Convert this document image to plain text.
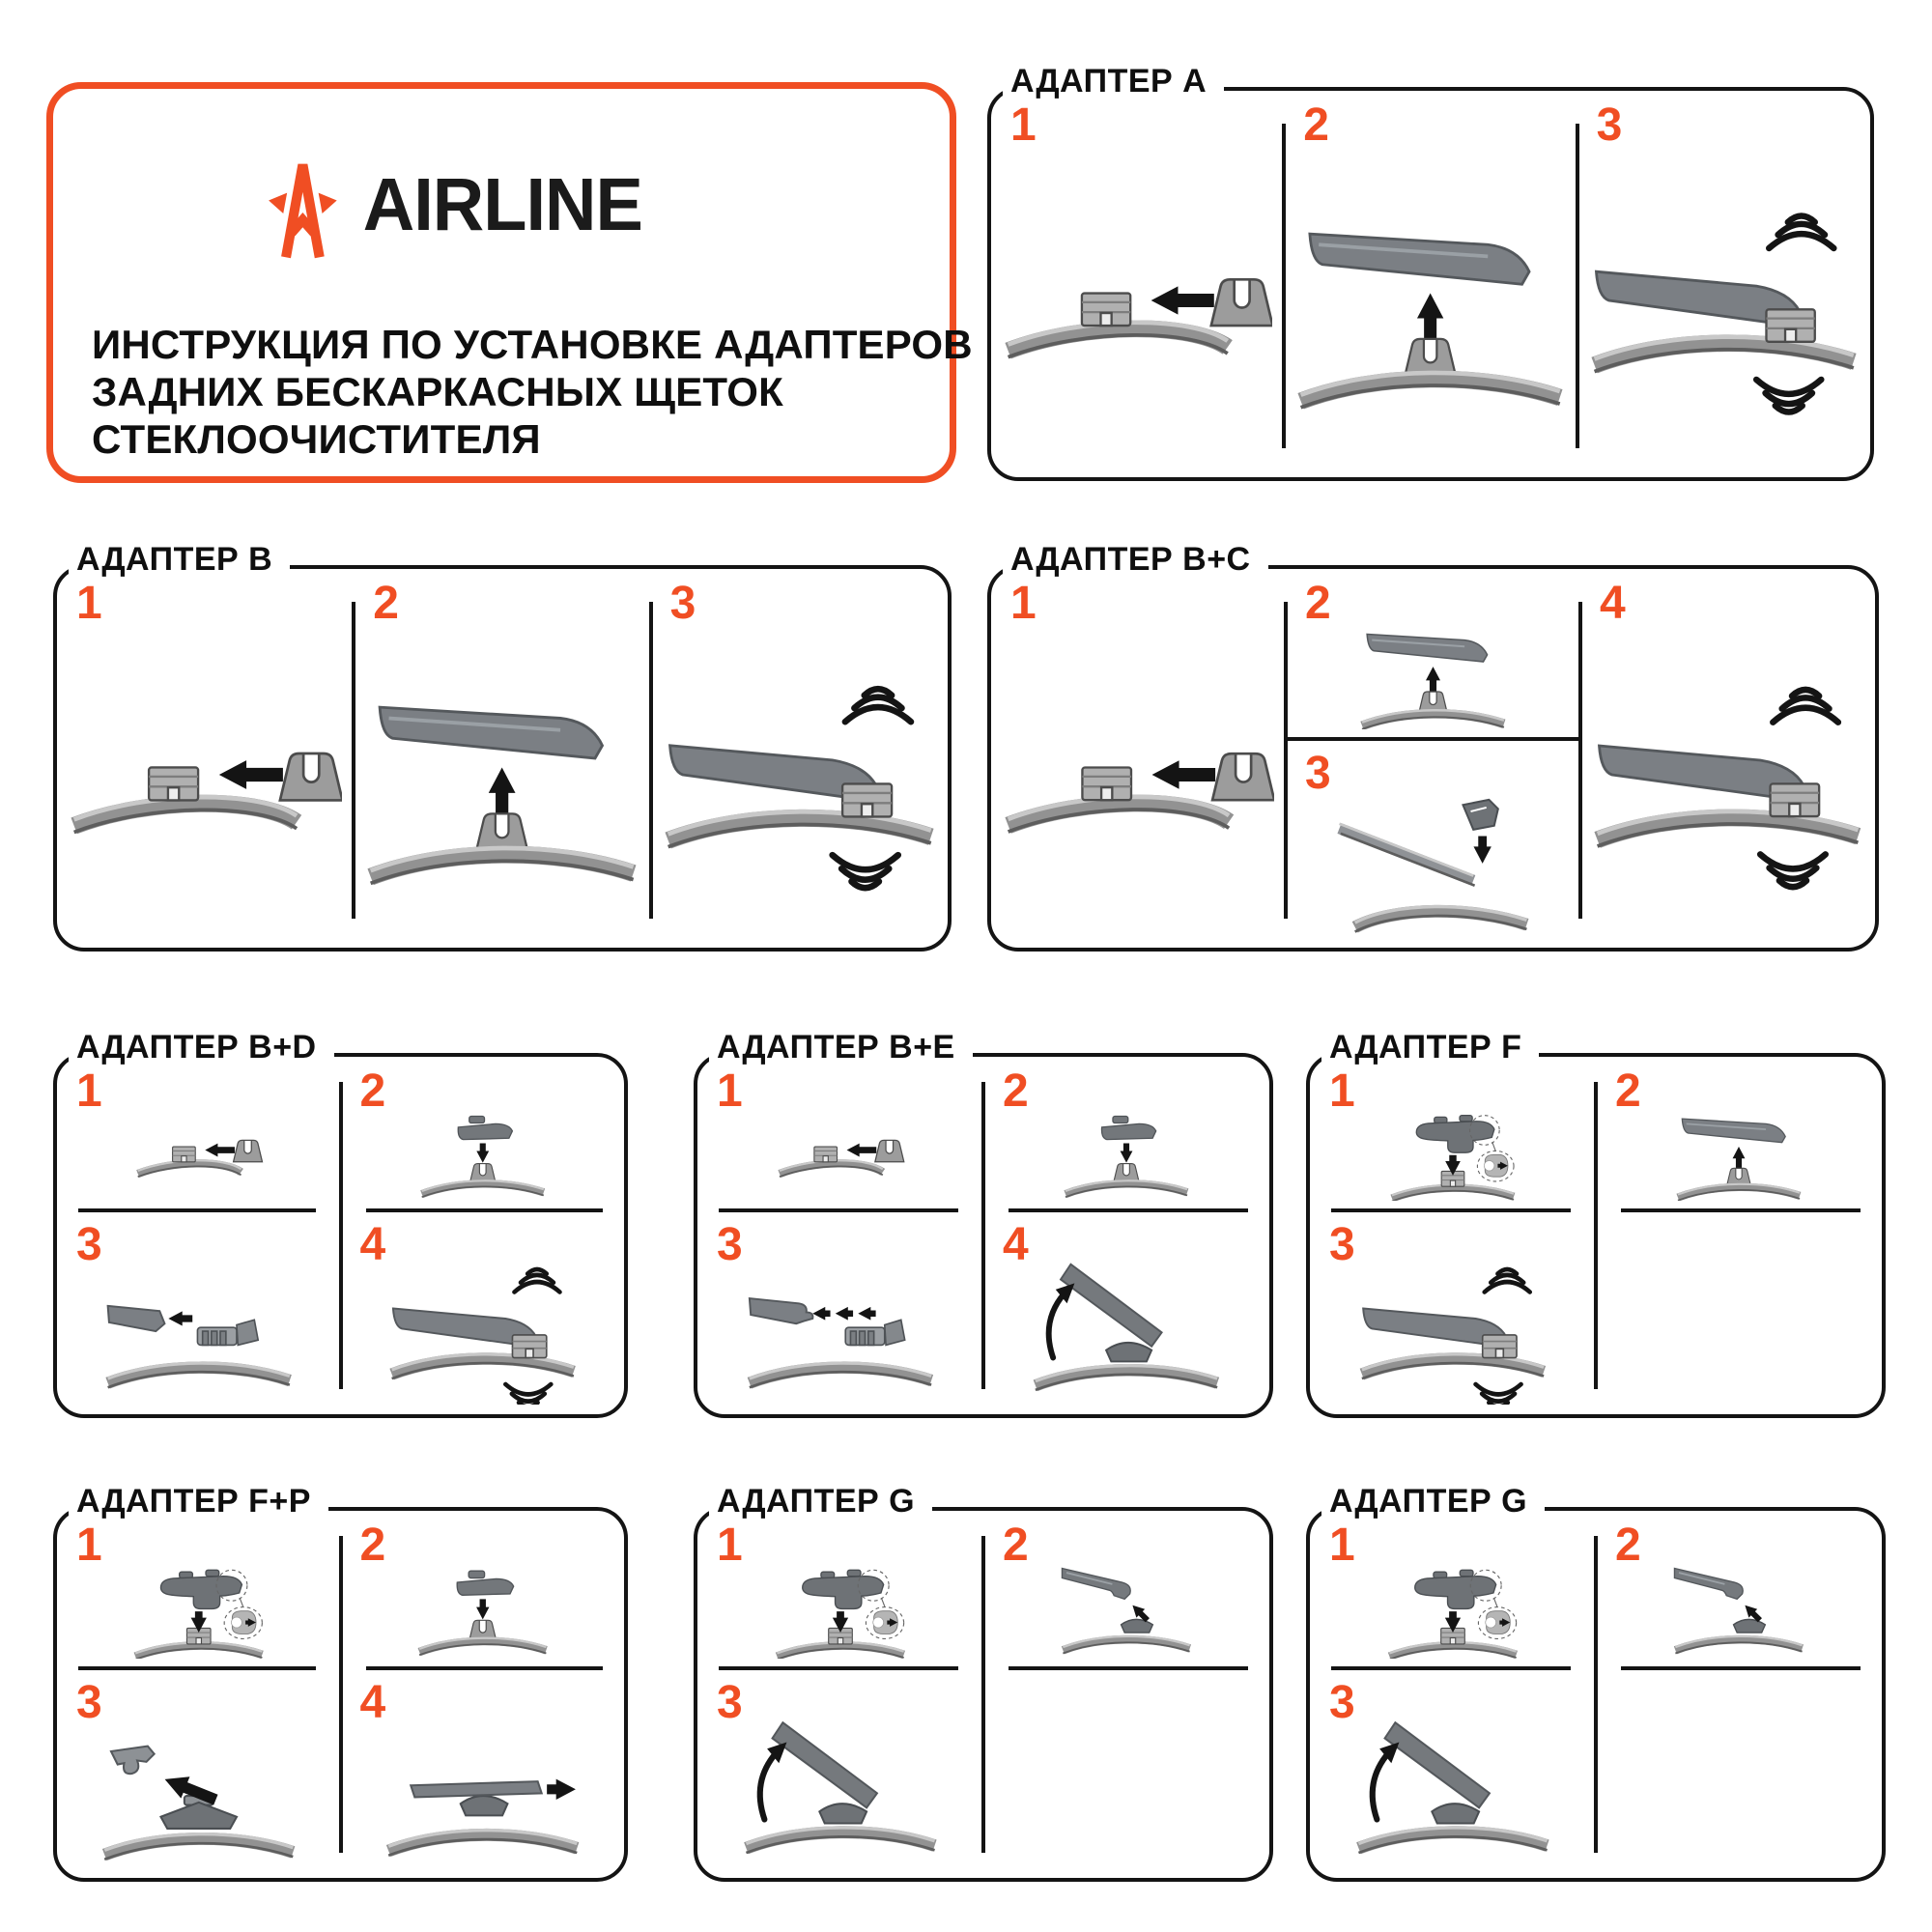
AIRLINE
ИНСТРУКЦИЯ ПО УСТАНОВКЕ АДАПТЕРОВ
ЗАДНИХ БЕСКАРКАСНЫХ ЩЕТОК
СТЕКЛООЧИСТИТЕЛЯ
АДАПТЕР A
1	2	3
АДАПТЕР B
1	2	3
АДАПТЕР B+C
1	2
3
4
АДАПТЕР B+D
1	2
3	4
АДАПТЕР B+E
1	2
3	4
АДАПТЕР F
1	2
3
АДАПТЕР F+P
1	2
3	4
АДАПТЕР G
1	2
3
АДАПТЕР G
1	2
3
